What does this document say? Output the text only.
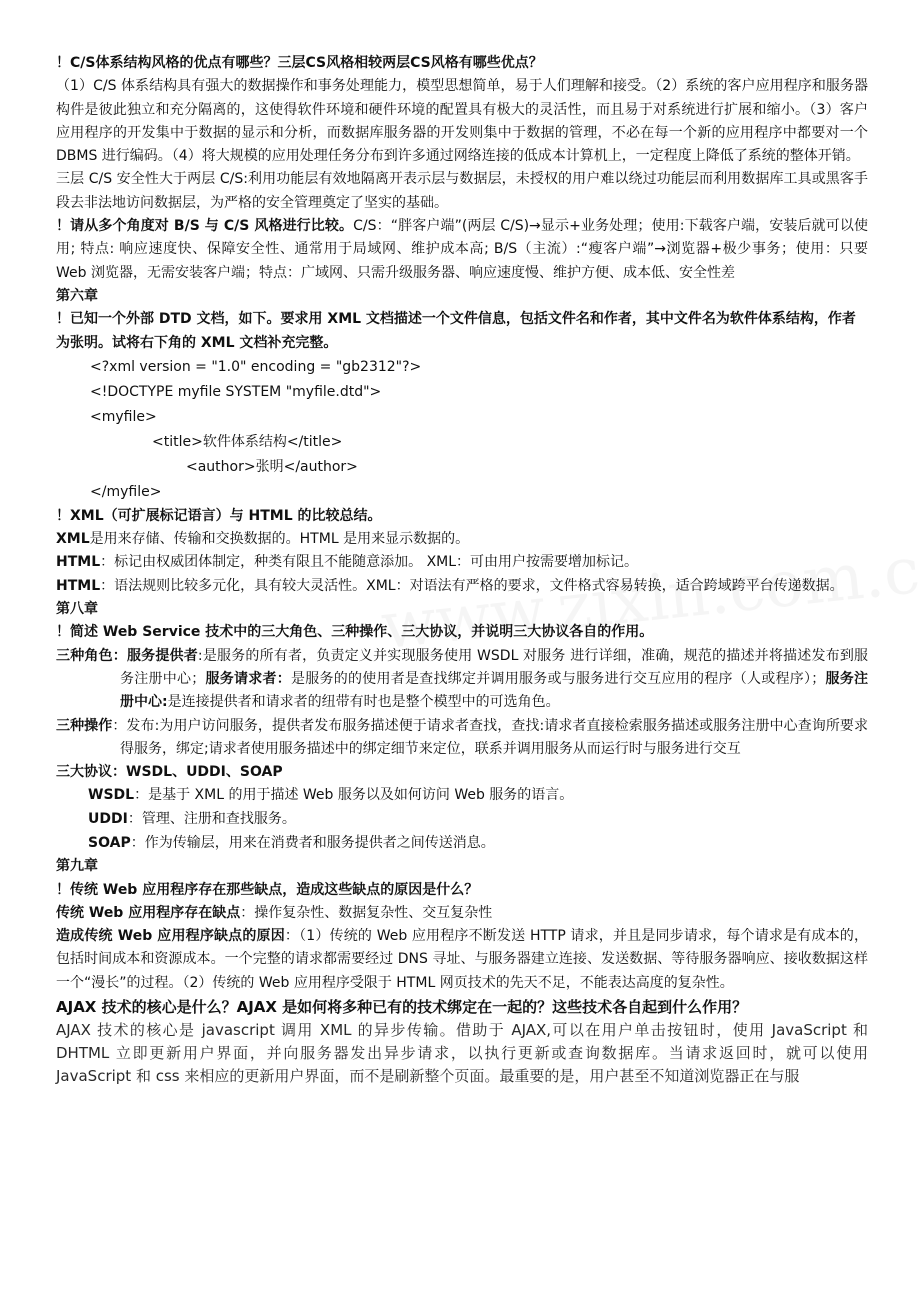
！C/S体系结构风格的优点有哪些？三层CS风格相较两层CS风格有哪些优点？

（1）C/S 体系结构具有强大的数据操作和事务处理能力，模型思想简单，易于人们理解和接受。（2）系统的客户应用程序和服务器构件是彼此独立和充分隔离的，这使得软件环境和硬件环境的配置具有极大的灵活性，而且易于对系统进行扩展和缩小。（3）客户应用程序的开发集中于数据的显示和分析，而数据库服务器的开发则集中于数据的管理，不必在每一个新的应用程序中都要对一个 DBMS 进行编码。（4）将大规模的应用处理任务分布到许多通过网络连接的低成本计算机上，一定程度上降低了系统的整体开销。

三层 C/S 安全性大于两层 C/S:利用功能层有效地隔离开表示层与数据层，未授权的用户难以绕过功能层而利用数据库工具或黑客手段去非法地访问数据层，为严格的安全管理奠定了坚实的基础。

！请从多个角度对 B/S 与 C/S 风格进行比较。C/S：“胖客户端”(两层 C/S)→显示+业务处理；使用:下载客户端，安装后就可以使用; 特点: 响应速度快、保障安全性、通常用于局域网、维护成本高; B/S（主流）:“瘦客户端”→浏览器+极少事务；使用：只要 Web 浏览器，无需安装客户端；特点：广域网、只需升级服务器、响应速度慢、维护方便、成本低、安全性差

第六章

！已知一个外部 DTD 文档，如下。要求用 XML 文档描述一个文件信息，包括文件名和作者，其中文件名为软件体系结构，作者为张明。试将右下角的 XML 文档补充完整。

<?xml version = "1.0" encoding = "gb2312"?>

<!DOCTYPE myfile SYSTEM "myfile.dtd">

<myfile>

<title>软件体系结构</title>

<author>张明</author>

</myfile>

！XML（可扩展标记语言）与 HTML 的比较总结。

XML是用来存储、传输和交换数据的。HTML 是用来显示数据的。

HTML：标记由权威团体制定，种类有限且不能随意添加。 XML：可由用户按需要增加标记。

HTML：语法规则比较多元化，具有较大灵活性。XML：对语法有严格的要求，文件格式容易转换，适合跨域跨平台传递数据。

第八章

！简述 Web Service 技术中的三大角色、三种操作、三大协议，并说明三大协议各自的作用。

三种角色：服务提供者:是服务的所有者，负责定义并实现服务使用 WSDL 对服务 进行详细，准确，规范的描述并将描述发布到服务注册中心；服务请求者：是服务的的使用者是查找绑定并调用服务或与服务进行交互应用的程序（人或程序）；服务注册中心:是连接提供者和请求者的纽带有时也是整个模型中的可选角色。

三种操作：发布:为用户访问服务，提供者发布服务描述便于请求者查找，查找:请求者直接检索服务描述或服务注册中心查询所要求得服务，绑定;请求者使用服务描述中的绑定细节来定位，联系并调用服务从而运行时与服务进行交互

三大协议：WSDL、UDDI、SOAP

WSDL：是基于 XML 的用于描述 Web 服务以及如何访问 Web 服务的语言。

UDDI：管理、注册和查找服务。

SOAP：作为传输层，用来在消费者和服务提供者之间传送消息。

第九章

！传统 Web 应用程序存在那些缺点，造成这些缺点的原因是什么？

传统 Web 应用程序存在缺点：操作复杂性、数据复杂性、交互复杂性

造成传统 Web 应用程序缺点的原因：（1）传统的 Web 应用程序不断发送 HTTP 请求，并且是同步请求，每个请求是有成本的，包括时间成本和资源成本。一个完整的请求都需要经过 DNS 寻址、与服务器建立连接、发送数据、等待服务器响应、接收数据这样一个“漫长”的过程。（2）传统的 Web 应用程序受限于 HTML 网页技术的先天不足，不能表达高度的复杂性。

AJAX 技术的核心是什么？AJAX 是如何将多种已有的技术绑定在一起的？这些技术各自起到什么作用？

AJAX 技术的核心是 javascript 调用 XML 的异步传输。借助于 AJAX,可以在用户单击按钮时，使用 JavaScript 和 DHTML 立即更新用户界面，并向服务器发出异步请求，以执行更新或查询数据库。当请求返回时，就可以使用 JavaScript 和 css 来相应的更新用户界面，而不是刷新整个页面。最重要的是，用户甚至不知道浏览器正在与服
